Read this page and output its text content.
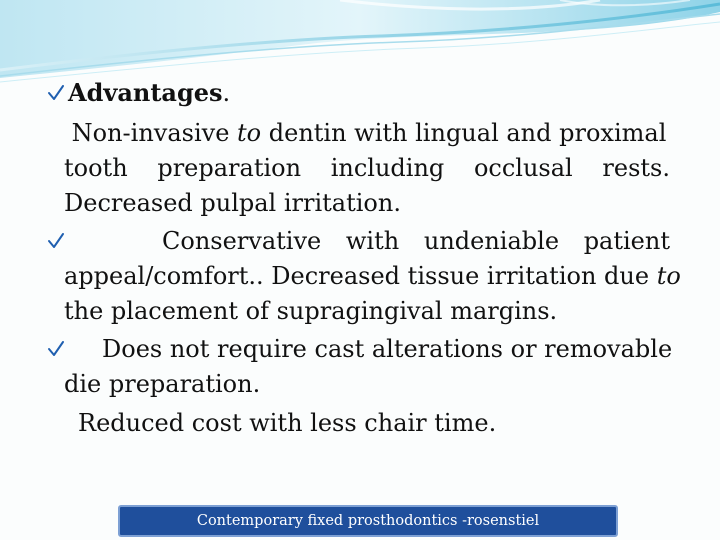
Advantages.
Non-invasive to dentin with lingual and proximal
tooth preparation including occlusal rests.
Decreased pulpal irritation.
Conservative with undeniable patient
appeal/comfort.. Decreased tissue irritation due to
the placement of supragingival margins.
Does not require cast alterations or removable
die preparation.
Reduced cost with less chair time.
Contemporary fixed prosthodontics -rosenstiel
